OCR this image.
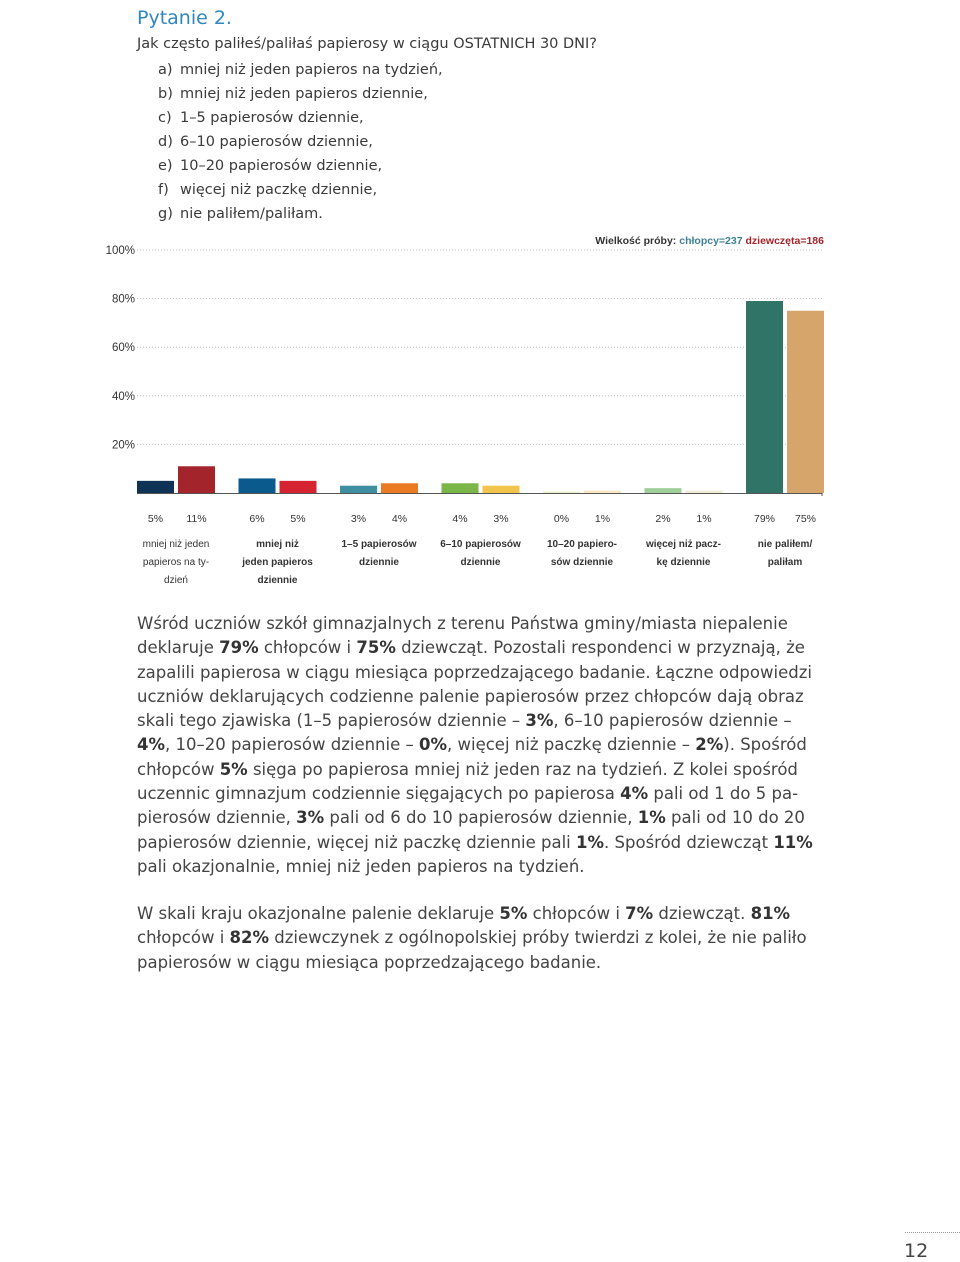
Pytanie 2.

Jak często paliłeś/paliłaś papierosy w ciągu OSTATNICH 30 DNI?

a) mniej niż jeden papieros na tydzień,
b) mniej niż jeden papieros dziennie,
c) 1–5 papierosów dziennie,
d) 6–10 papierosów dziennie,
e) 10–20 papierosów dziennie,
f) więcej niż paczkę dziennie,
g) nie paliłem/paliłam.
Wielkość próby: chłopcy=237 dziewczęta=186
100%
80%
60%
40%
20%
5% 11%
mniej niż jeden
papieros na ty-
dzień
6% 5%
mniej niż
jeden papieros
dziennie
3% 4%
1–5 papierosów
dziennie
4% 3%
6–10 papierosów
dziennie
0% 1%
10–20 papiero-
sów dziennie
2% 1%
więcej niż pacz-
kę dziennie
79% 75%
nie paliłem/
paliłam
Wśród uczniów szkół gimnazjalnych z terenu Państwa gminy/miasta niepalenie
deklaruje 79% chłopców i 75% dziewcząt. Pozostali respondenci w przyznają, że
zapalili papierosa w ciągu miesiąca poprzedzającego badanie. Łączne odpowiedzi
uczniów deklarujących codzienne palenie papierosów przez chłopców dają obraz
skali tego zjawiska (1–5 papierosów dziennie – 3%, 6–10 papierosów dziennie –
4%, 10–20 papierosów dziennie – 0%, więcej niż paczkę dziennie – 2%). Spośród
chłopców 5% sięga po papierosa mniej niż jeden raz na tydzień. Z kolei spośród
uczennic gimnazjum codziennie sięgających po papierosa 4% pali od 1 do 5 pa-
pierosów dziennie, 3% pali od 6 do 10 papierosów dziennie, 1% pali od 10 do 20
papierosów dziennie, więcej niż paczkę dziennie pali 1%. Spośród dziewcząt 11%
pali okazjonalnie, mniej niż jeden papieros na tydzień.
W skali kraju okazjonalne palenie deklaruje 5% chłopców i 7% dziewcząt. 81%
chłopców i 82% dziewczynek z ogólnopolskiej próby twierdzi z kolei, że nie paliło
papierosów w ciągu miesiąca poprzedzającego badanie.
12
